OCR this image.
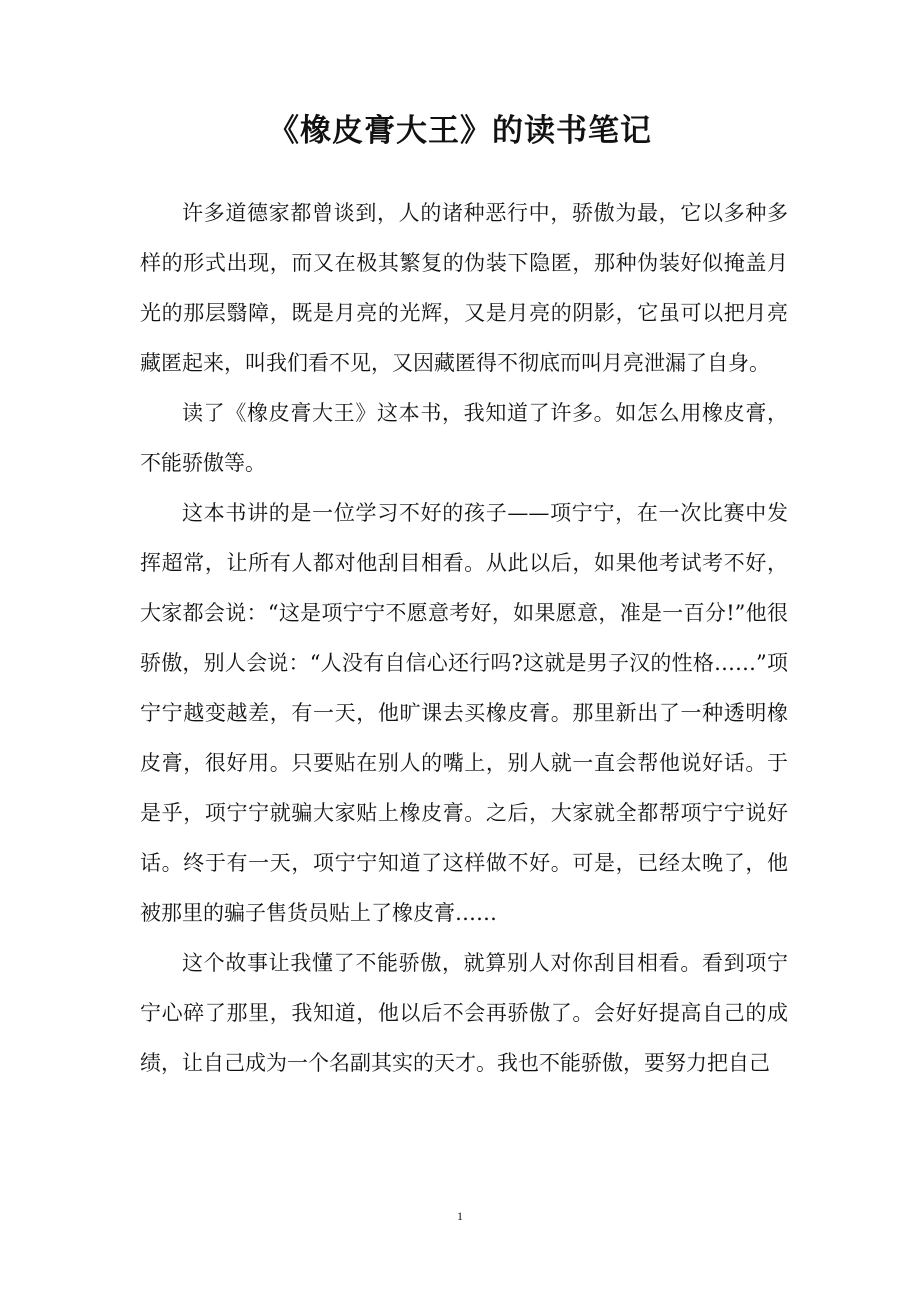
《橡皮膏大王》的读书笔记

许多道德家都曾谈到，人的诸种恶行中，骄傲为最，它以多种多样的形式出现，而又在极其繁复的伪装下隐匿，那种伪装好似掩盖月光的那层翳障，既是月亮的光辉，又是月亮的阴影，它虽可以把月亮藏匿起来，叫我们看不见，又因藏匿得不彻底而叫月亮泄漏了自身。

读了《橡皮膏大王》这本书，我知道了许多。如怎么用橡皮膏，不能骄傲等。

这本书讲的是一位学习不好的孩子——项宁宁，在一次比赛中发挥超常，让所有人都对他刮目相看。从此以后，如果他考试考不好，大家都会说：“这是项宁宁不愿意考好，如果愿意，准是一百分!”他很骄傲，别人会说：“人没有自信心还行吗?这就是男子汉的性格……”项宁宁越变越差，有一天，他旷课去买橡皮膏。那里新出了一种透明橡皮膏，很好用。只要贴在别人的嘴上，别人就一直会帮他说好话。于是乎，项宁宁就骗大家贴上橡皮膏。之后，大家就全都帮项宁宁说好话。终于有一天，项宁宁知道了这样做不好。可是，已经太晚了，他被那里的骗子售货员贴上了橡皮膏……

这个故事让我懂了不能骄傲，就算别人对你刮目相看。看到项宁宁心碎了那里，我知道，他以后不会再骄傲了。会好好提高自己的成绩，让自己成为一个名副其实的天才。我也不能骄傲，要努力把自己

1
